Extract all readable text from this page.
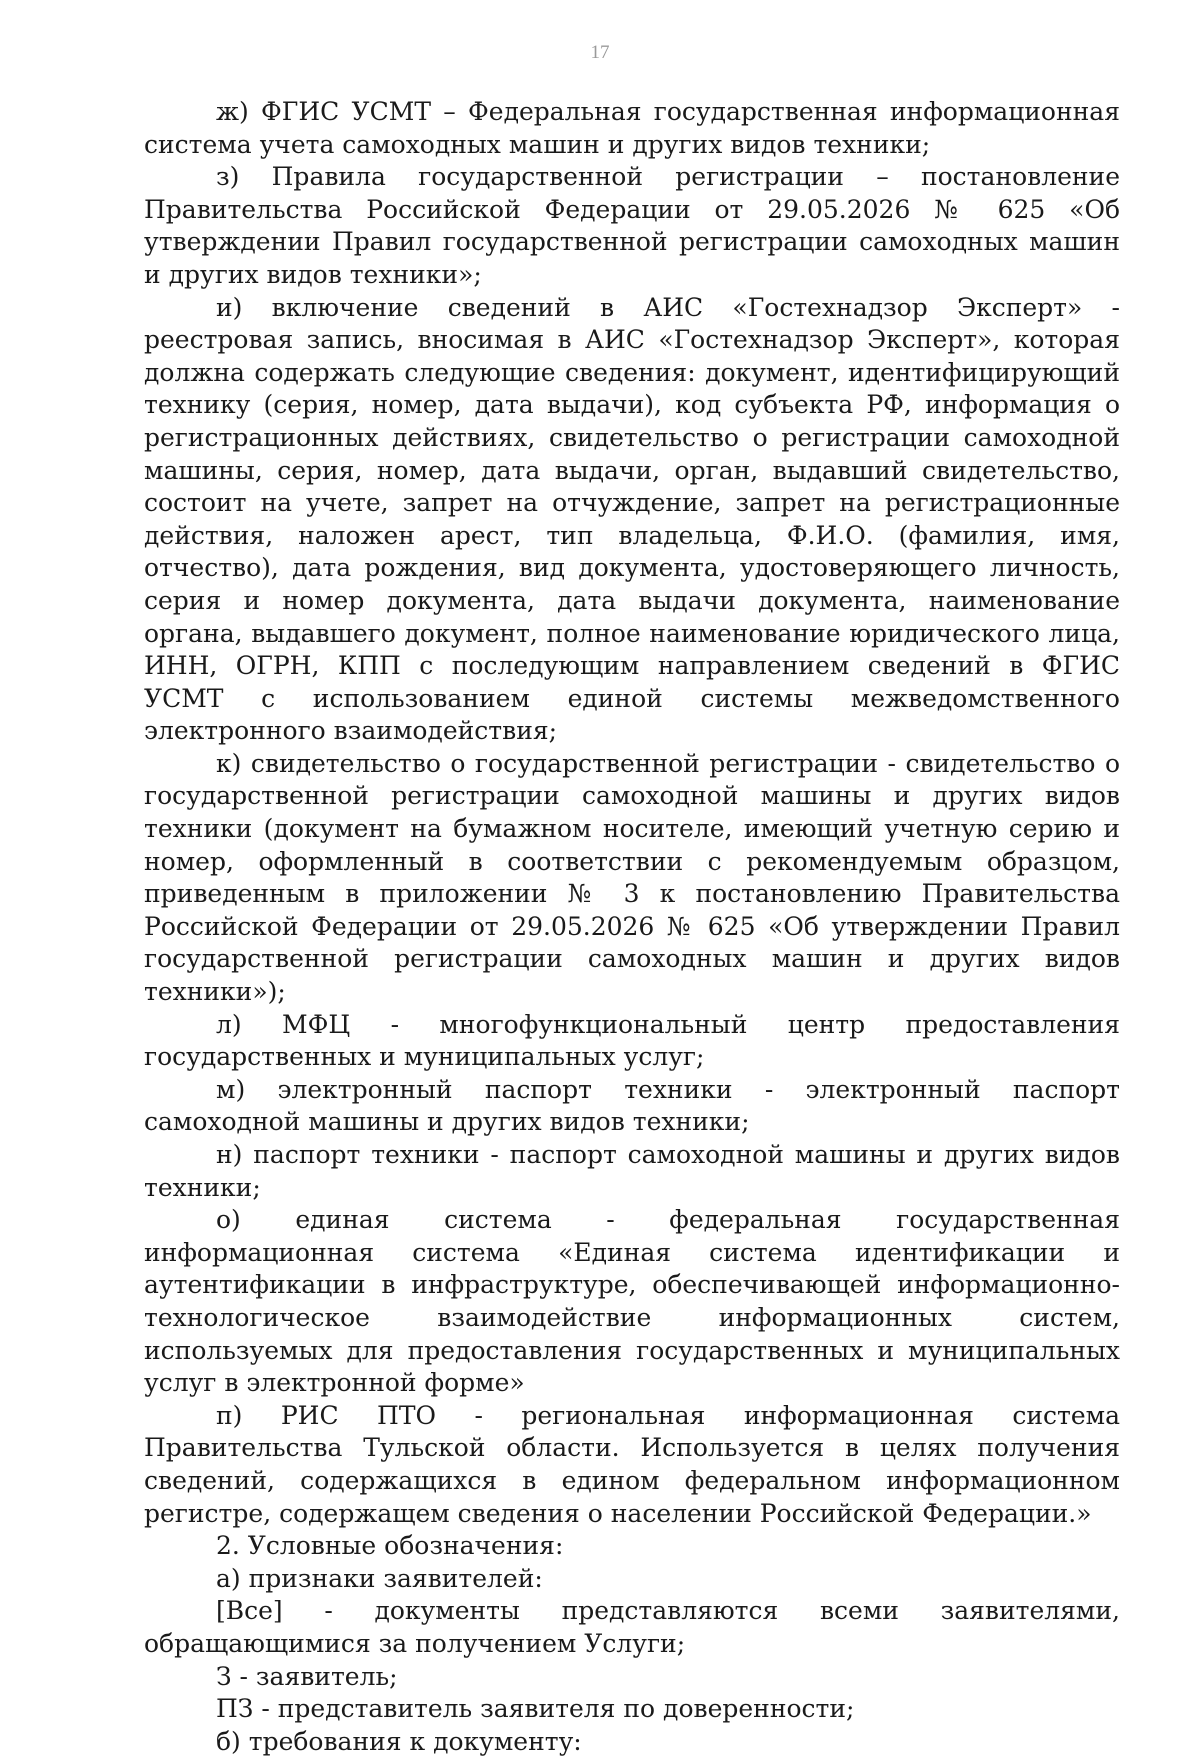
17

ж) ФГИС УСМТ – Федеральная государственная информационная система учета самоходных машин и других видов техники;

з) Правила государственной регистрации – постановление Правительства Российской Федерации от 29.05.2026 № 625 «Об утверждении Правил государственной регистрации самоходных машин и других видов техники»;

и) включение сведений в АИС «Гостехнадзор Эксперт» - реестровая запись, вносимая в АИС «Гостехнадзор Эксперт», которая должна содержать следующие сведения: документ, идентифицирующий технику (серия, номер, дата выдачи), код субъекта РФ, информация о регистрационных действиях, свидетельство о регистрации самоходной машины, серия, номер, дата выдачи, орган, выдавший свидетельство, состоит на учете, запрет на отчуждение, запрет на регистрационные действия, наложен арест, тип владельца, Ф.И.О. (фамилия, имя, отчество), дата рождения, вид документа, удостоверяющего личность, серия и номер документа, дата выдачи документа, наименование органа, выдавшего документ, полное наименование юридического лица, ИНН, ОГРН, КПП с последующим направлением сведений в ФГИС УСМТ с использованием единой системы межведомственного электронного взаимодействия;

к) свидетельство о государственной регистрации - свидетельство о государственной регистрации самоходной машины и других видов техники (документ на бумажном носителе, имеющий учетную серию и номер, оформленный в соответствии с рекомендуемым образцом, приведенным в приложении № 3 к постановлению Правительства Российской Федерации от 29.05.2026 № 625 «Об утверждении Правил государственной регистрации самоходных машин и других видов техники»);

л) МФЦ - многофункциональный центр предоставления государственных и муниципальных услуг;

м) электронный паспорт техники - электронный паспорт самоходной машины и других видов техники;

н) паспорт техники - паспорт самоходной машины и других видов техники;

о) единая система - федеральная государственная информационная система «Единая система идентификации и аутентификации в инфраструктуре, обеспечивающей информационно-технологическое взаимодействие информационных систем, используемых для предоставления государственных и муниципальных услуг в электронной форме»

п) РИС ПТО - региональная информационная система Правительства Тульской области. Используется в целях получения сведений, содержащихся в едином федеральном информационном регистре, содержащем сведения о населении Российской Федерации.»

2. Условные обозначения:

а) признаки заявителей:

[Все] - документы представляются всеми заявителями, обращающимися за получением Услуги;

З - заявитель;

ПЗ - представитель заявителя по доверенности;

б) требования к документу:
